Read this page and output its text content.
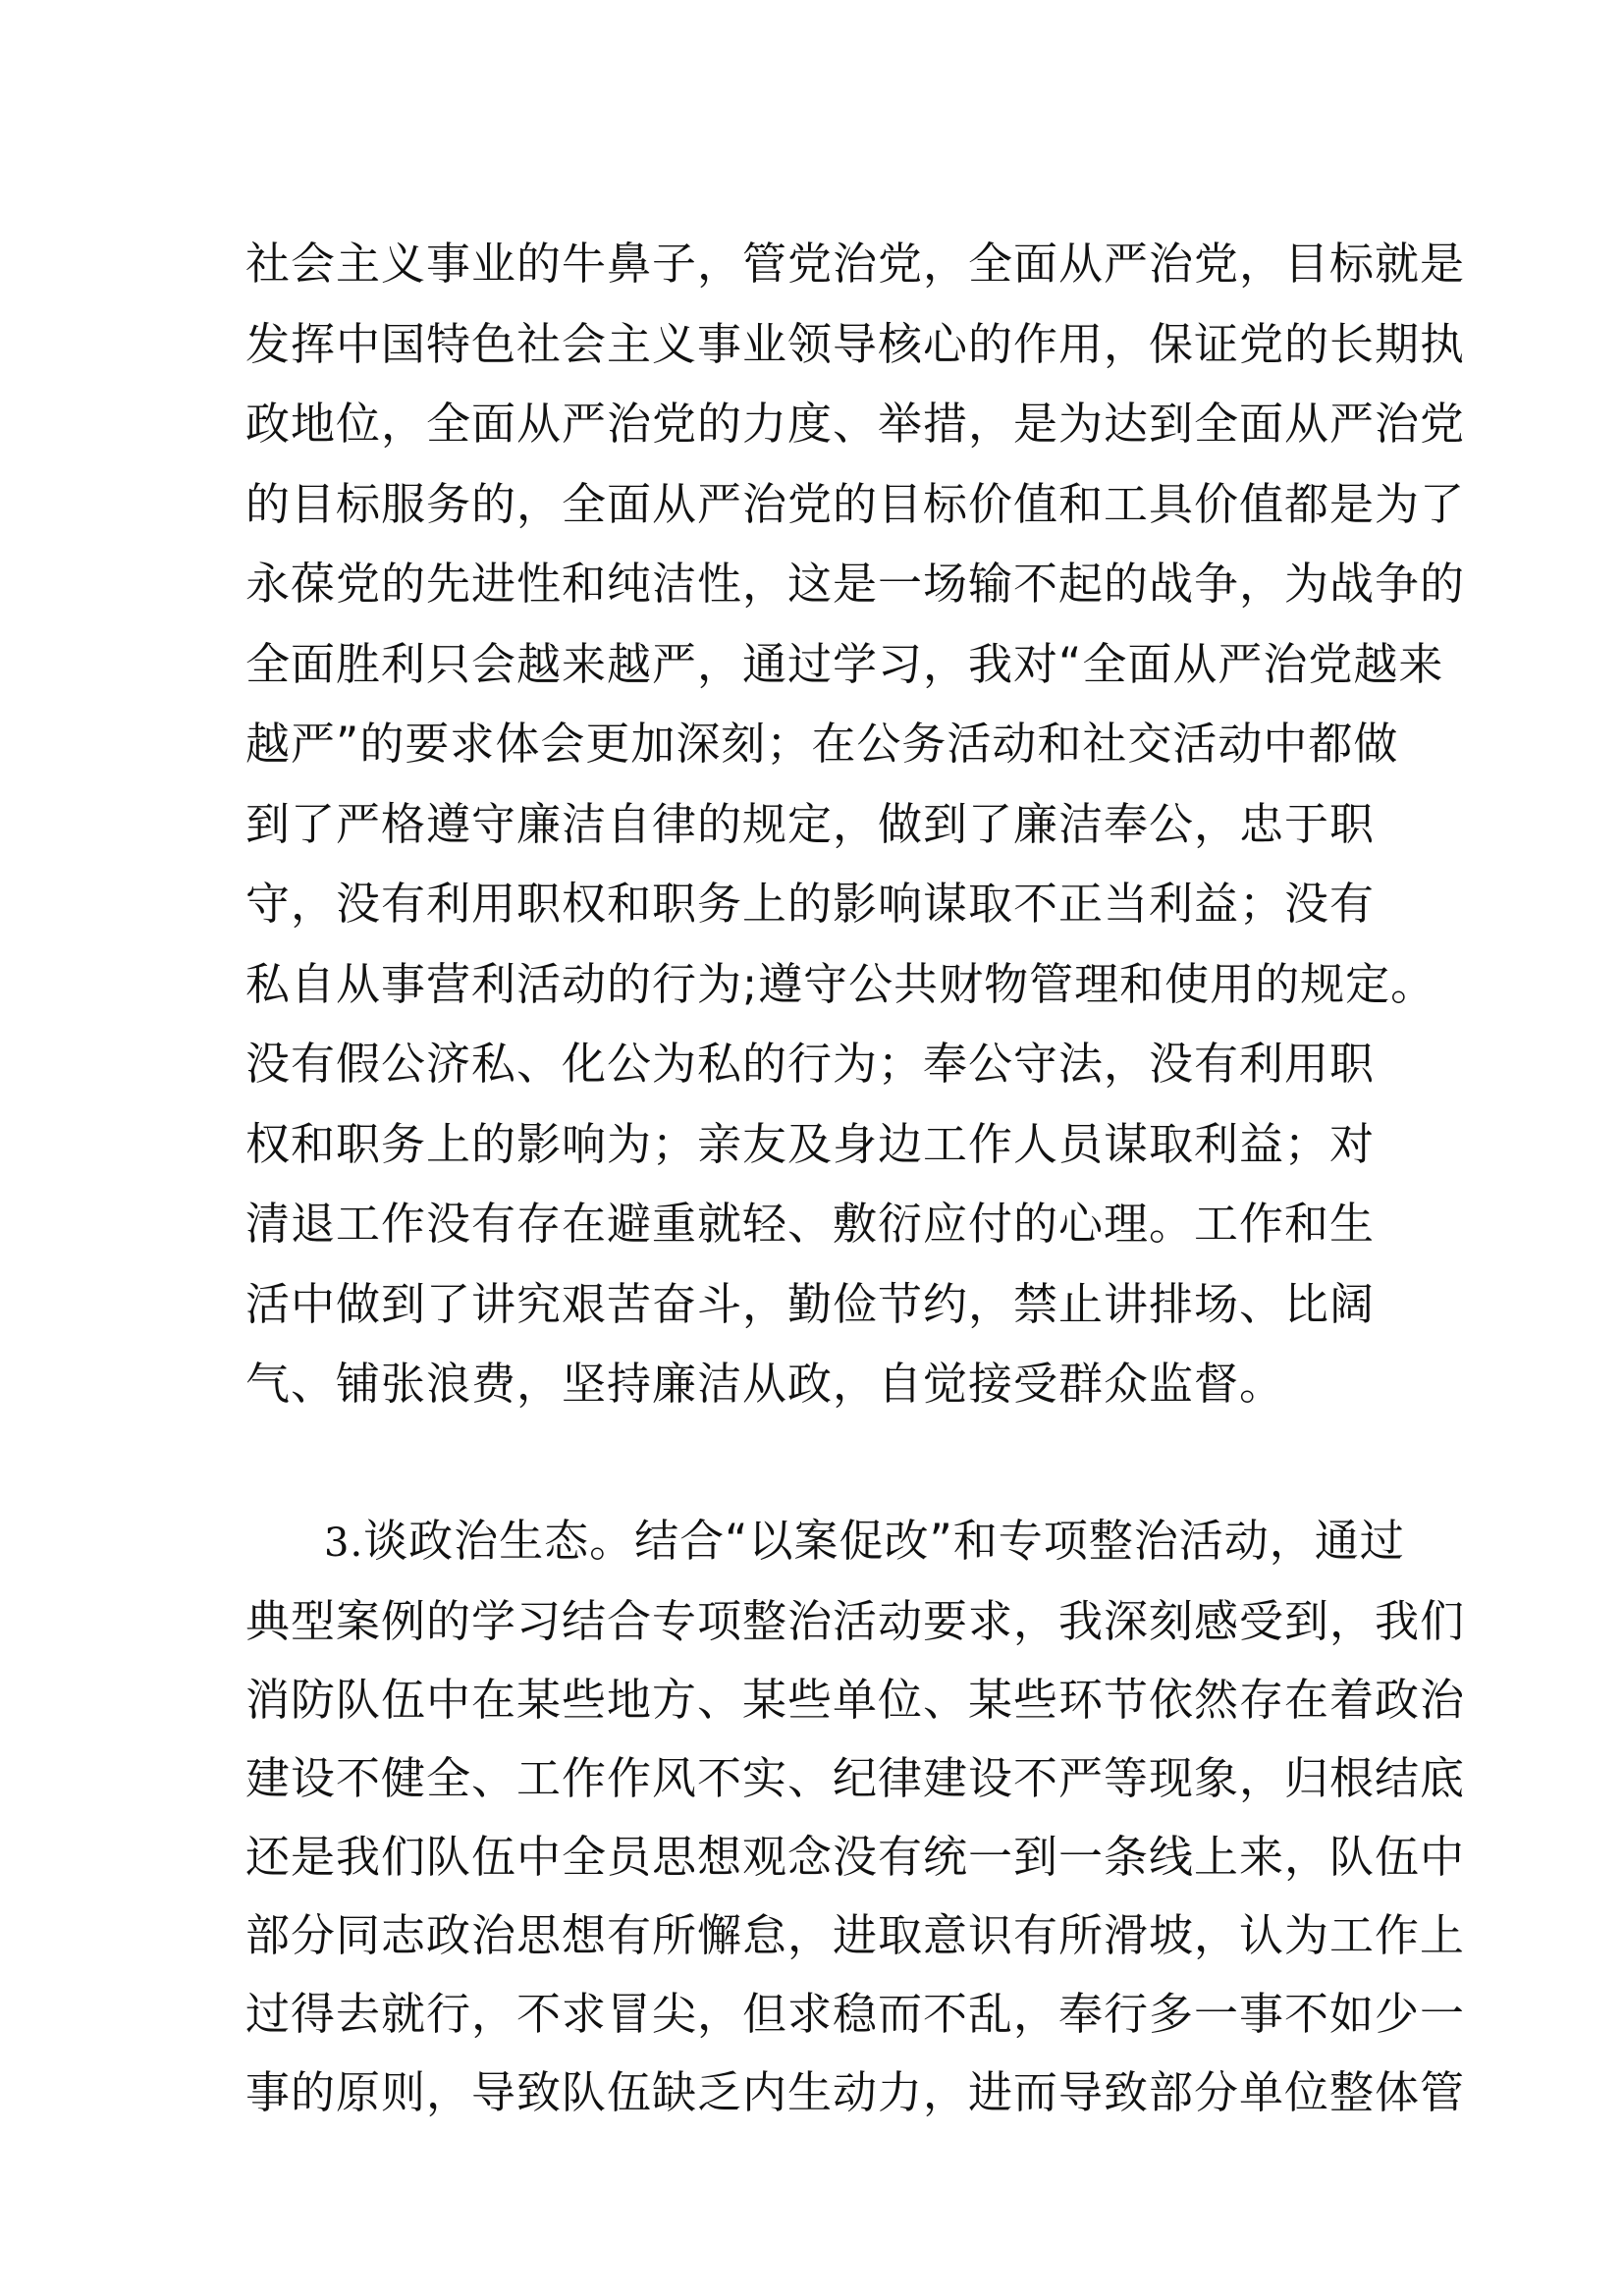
社会主义事业的牛鼻子，管党治党，全面从严治党，目标就是
发挥中国特色社会主义事业领导核心的作用，保证党的长期执
政地位，全面从严治党的力度、举措，是为达到全面从严治党
的目标服务的，全面从严治党的目标价值和工具价值都是为了
永葆党的先进性和纯洁性，这是一场输不起的战争，为战争的
全面胜利只会越来越严，通过学习，我对“全面从严治党越来
越严”的要求体会更加深刻；在公务活动和社交活动中都做
到了严格遵守廉洁自律的规定，做到了廉洁奉公，忠于职
守，没有利用职权和职务上的影响谋取不正当利益；没有
私自从事营利活动的行为;遵守公共财物管理和使用的规定。
没有假公济私、化公为私的行为；奉公守法，没有利用职
权和职务上的影响为；亲友及身边工作人员谋取利益；对
清退工作没有存在避重就轻、敷衍应付的心理。工作和生
活中做到了讲究艰苦奋斗，勤俭节约，禁止讲排场、比阔
气、铺张浪费，坚持廉洁从政，自觉接受群众监督。
3.谈政治生态。结合“以案促改”和专项整治活动，通过
典型案例的学习结合专项整治活动要求，我深刻感受到，我们
消防队伍中在某些地方、某些单位、某些环节依然存在着政治
建设不健全、工作作风不实、纪律建设不严等现象，归根结底
还是我们队伍中全员思想观念没有统一到一条线上来，队伍中
部分同志政治思想有所懈怠，进取意识有所滑坡，认为工作上
过得去就行，不求冒尖，但求稳而不乱，奉行多一事不如少一
事的原则，导致队伍缺乏内生动力，进而导致部分单位整体管
